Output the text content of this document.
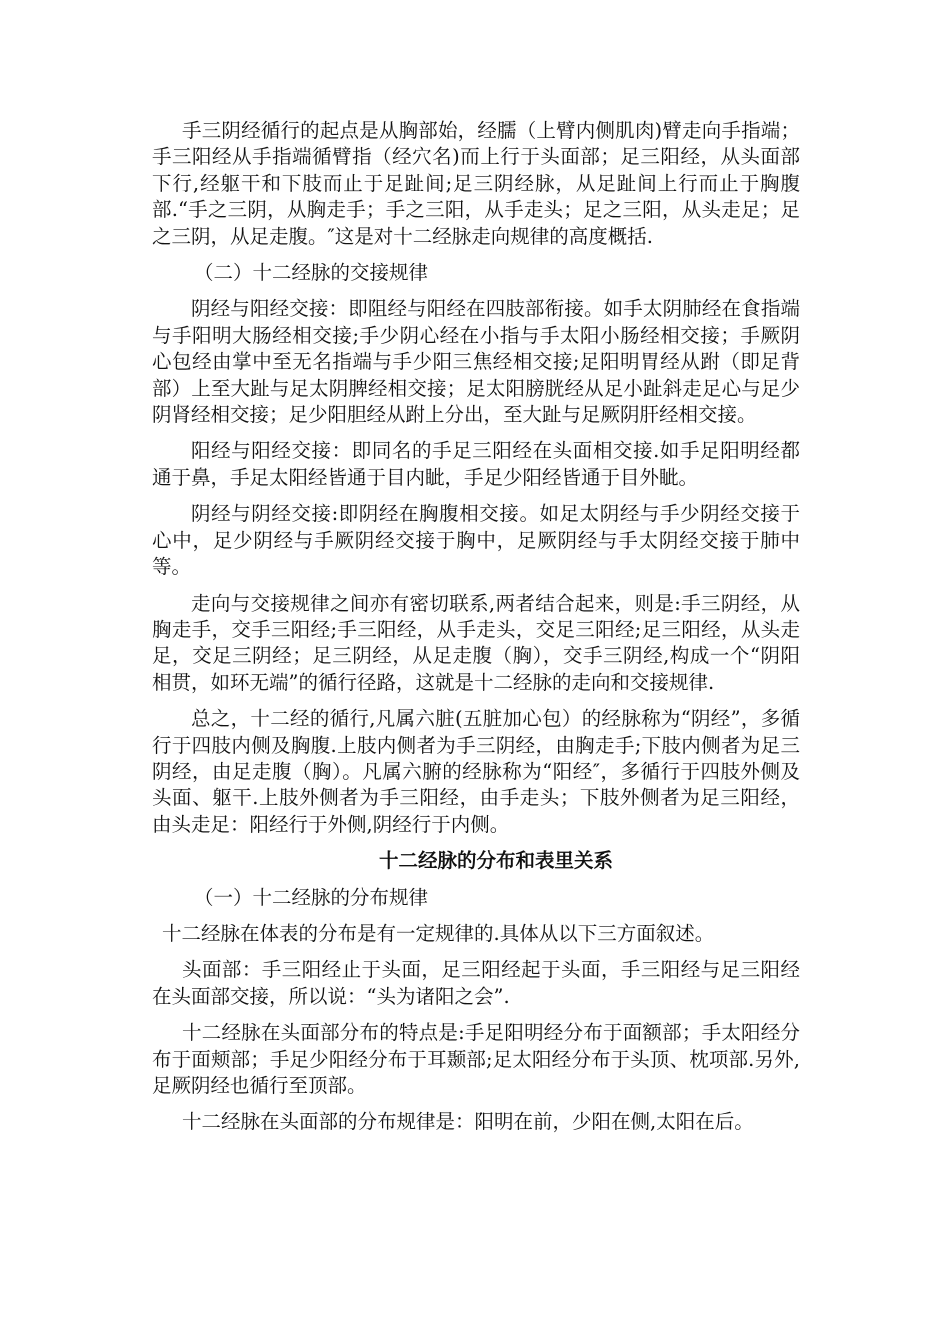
手三阴经循行的起点是从胸部始，经臑（上臂内侧肌肉)臂走向手指端；手三阳经从手指端循臂指（经穴名)而上行于头面部；足三阳经，从头面部下行,经躯干和下肢而止于足趾间;足三阴经脉，从足趾间上行而止于胸腹部.“手之三阴，从胸走手；手之三阳，从手走头；足之三阳，从头走足；足之三阴，从足走腹。″这是对十二经脉走向规律的高度概括.

（二）十二经脉的交接规律

阴经与阳经交接：即阻经与阳经在四肢部衔接。如手太阴肺经在食指端与手阳明大肠经相交接;手少阴心经在小指与手太阳小肠经相交接；手厥阴心包经由掌中至无名指端与手少阳三焦经相交接;足阳明胃经从跗（即足背部）上至大趾与足太阴脾经相交接；足太阳膀胱经从足小趾斜走足心与足少阴肾经相交接；足少阳胆经从跗上分出，至大趾与足厥阴肝经相交接。

阳经与阳经交接：即同名的手足三阳经在头面相交接.如手足阳明经都通于鼻，手足太阳经皆通于目内眦，手足少阳经皆通于目外眦。

阴经与阴经交接:即阴经在胸腹相交接。如足太阴经与手少阴经交接于心中，足少阴经与手厥阴经交接于胸中，足厥阴经与手太阴经交接于肺中等。

走向与交接规律之间亦有密切联系,两者结合起来，则是:手三阴经，从胸走手，交手三阳经;手三阳经，从手走头，交足三阳经;足三阳经，从头走足，交足三阴经；足三阴经，从足走腹（胸），交手三阴经,构成一个“阴阳相贯，如环无端”的循行径路，这就是十二经脉的走向和交接规律.

总之，十二经的循行,凡属六脏(五脏加心包）的经脉称为“阴经”，多循行于四肢内侧及胸腹.上肢内侧者为手三阴经，由胸走手;下肢内侧者为足三阴经，由足走腹（胸）。凡属六腑的经脉称为“阳经″，多循行于四肢外侧及头面、躯干.上肢外侧者为手三阳经，由手走头；下肢外侧者为足三阳经，由头走足：阳经行于外侧,阴经行于内侧。

十二经脉的分布和表里关系

（一）十二经脉的分布规律

十二经脉在体表的分布是有一定规律的.具体从以下三方面叙述。

头面部：手三阳经止于头面，足三阳经起于头面，手三阳经与足三阳经在头面部交接，所以说：“头为诸阳之会”.

十二经脉在头面部分布的特点是:手足阳明经分布于面额部；手太阳经分布于面颊部；手足少阳经分布于耳颞部;足太阳经分布于头顶、枕项部.另外,足厥阴经也循行至顶部。

十二经脉在头面部的分布规律是：阳明在前，少阳在侧,太阳在后。
